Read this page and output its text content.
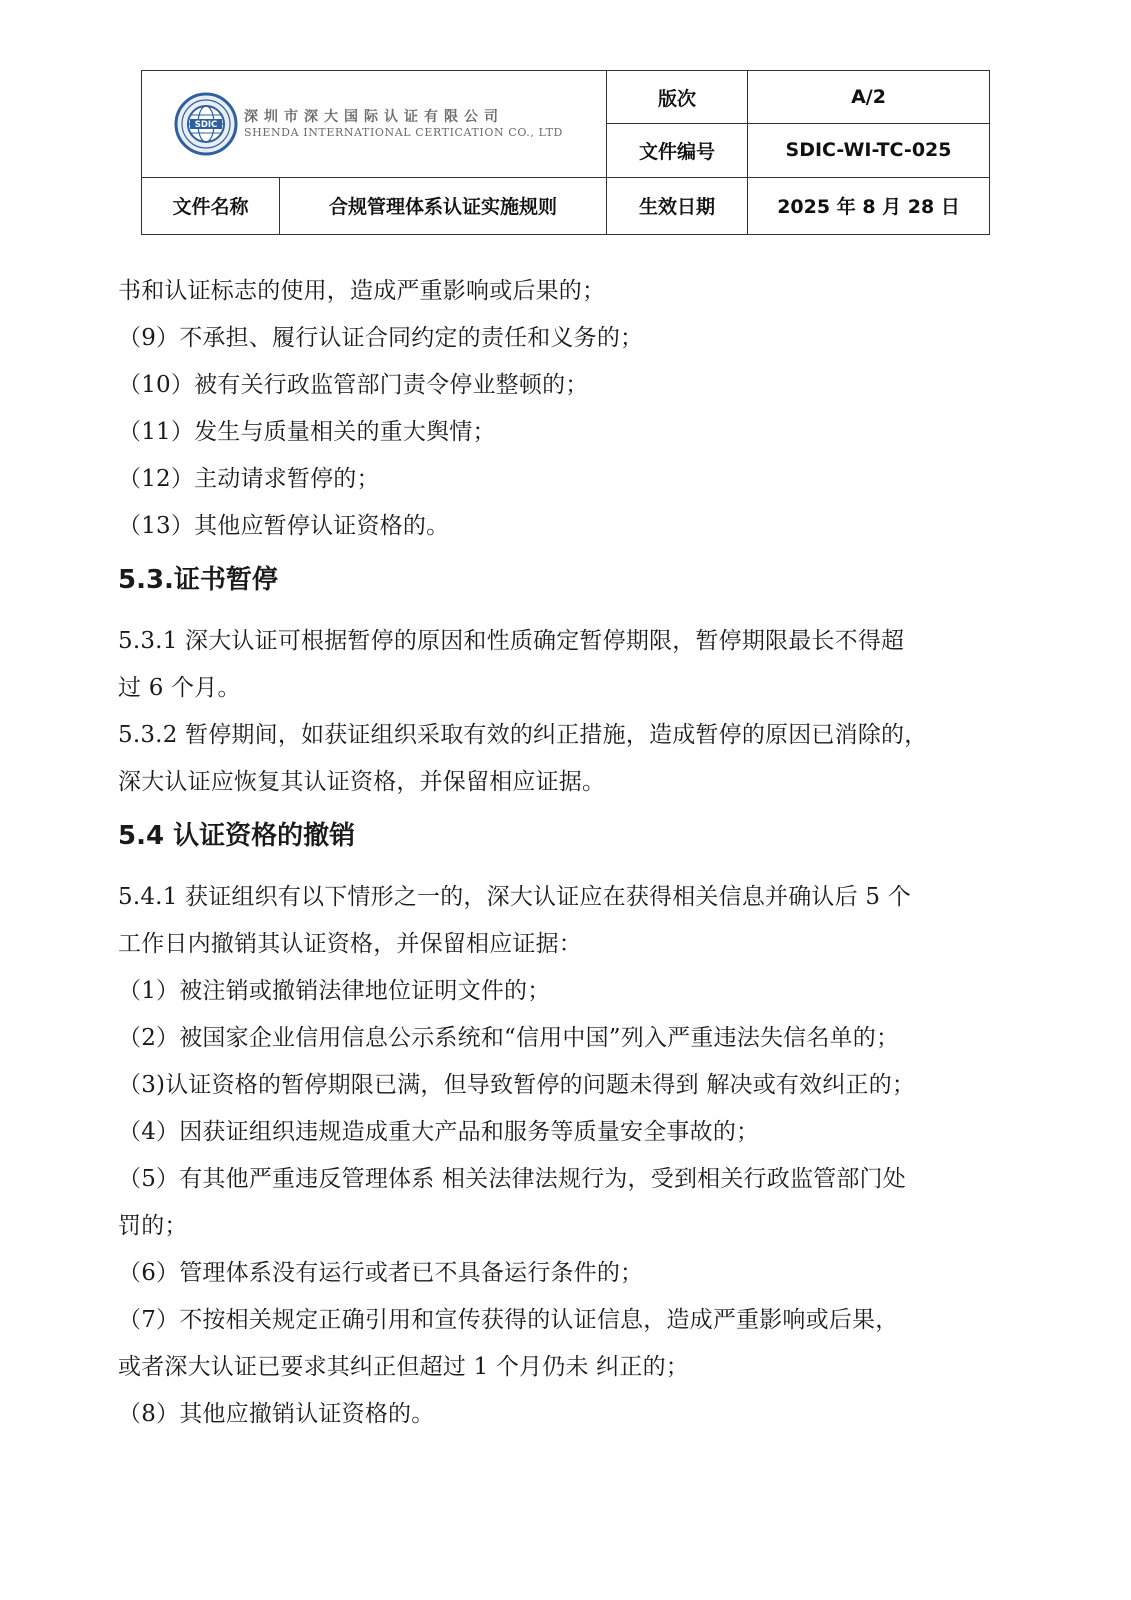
SDIC 深圳市深大国际认证有限公司
SHENDA INTERNATIONAL CERTICATION CO., LTD		版次	A/2
		文件编号	SDIC-WI-TC-025
文件名称	合规管理体系认证实施规则	生效日期	2025 年 8 月 28 日

书和认证标志的使用，造成严重影响或后果的；

（9）不承担、履行认证合同约定的责任和义务的；

（10）被有关行政监管部门责令停业整顿的；

（11）发生与质量相关的重大舆情；

（12）主动请求暂停的；

（13）其他应暂停认证资格的。

5.3.证书暂停

5.3.1 深大认证可根据暂停的原因和性质确定暂停期限，暂停期限最长不得超

过 6 个月。

5.3.2 暂停期间，如获证组织采取有效的纠正措施，造成暂停的原因已消除的，

深大认证应恢复其认证资格，并保留相应证据。

5.4 认证资格的撤销

5.4.1 获证组织有以下情形之一的，深大认证应在获得相关信息并确认后 5 个

工作日内撤销其认证资格，并保留相应证据：

（1）被注销或撤销法律地位证明文件的；

（2）被国家企业信用信息公示系统和“信用中国”列入严重违法失信名单的；

（3)认证资格的暂停期限已满，但导致暂停的问题未得到 解决或有效纠正的；

（4）因获证组织违规造成重大产品和服务等质量安全事故的；

（5）有其他严重违反管理体系 相关法律法规行为，受到相关行政监管部门处

罚的；

（6）管理体系没有运行或者已不具备运行条件的；

（7）不按相关规定正确引用和宣传获得的认证信息，造成严重影响或后果，

或者深大认证已要求其纠正但超过 1 个月仍未 纠正的；

（8）其他应撤销认证资格的。
